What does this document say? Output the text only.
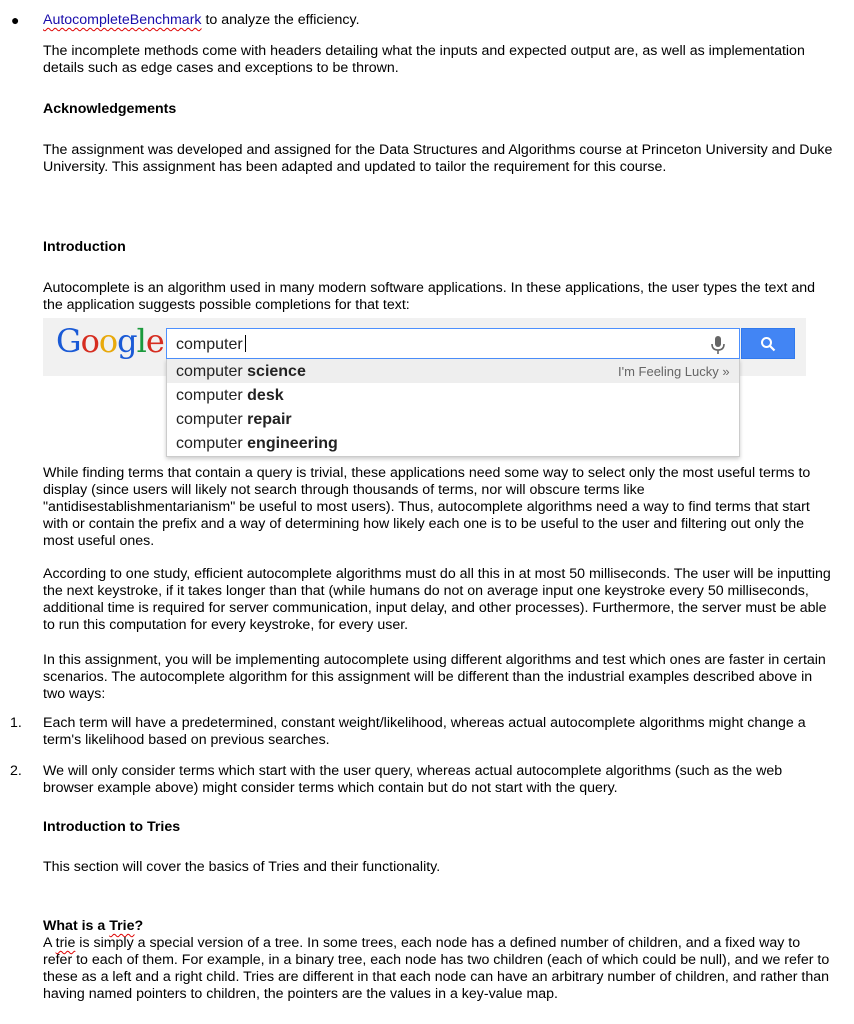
● AutocompleteBenchmark to analyze the efficiency.

The incomplete methods come with headers detailing what the inputs and expected output are, as well as implementation details such as edge cases and exceptions to be thrown.

Acknowledgements

The assignment was developed and assigned for the Data Structures and Algorithms course at Princeton University and Duke University. This assignment has been adapted and updated to tailor the requirement for this course.

Introduction

Autocomplete is an algorithm used in many modern software applications. In these applications, the user types the text and the application suggests possible completions for that text:

Google computer
computer science	I'm Feeling Lucky »
computer desk
computer repair
computer engineering

While finding terms that contain a query is trivial, these applications need some way to select only the most useful terms to display (since users will likely not search through thousands of terms, nor will obscure terms like "antidisestablishmentarianism" be useful to most users). Thus, autocomplete algorithms need a way to find terms that start with or contain the prefix and a way of determining how likely each one is to be useful to the user and filtering out only the most useful ones.

According to one study, efficient autocomplete algorithms must do all this in at most 50 milliseconds. The user will be inputting the next keystroke, if it takes longer than that (while humans do not on average input one keystroke every 50 milliseconds, additional time is required for server communication, input delay, and other processes). Furthermore, the server must be able to run this computation for every keystroke, for every user.

In this assignment, you will be implementing autocomplete using different algorithms and test which ones are faster in certain scenarios. The autocomplete algorithm for this assignment will be different than the industrial examples described above in two ways:

1. Each term will have a predetermined, constant weight/likelihood, whereas actual autocomplete algorithms might change a term's likelihood based on previous searches.

2. We will only consider terms which start with the user query, whereas actual autocomplete algorithms (such as the web browser example above) might consider terms which contain but do not start with the query.

Introduction to Tries

This section will cover the basics of Tries and their functionality.

What is a Trie?

A trie is simply a special version of a tree. In some trees, each node has a defined number of children, and a fixed way to refer to each of them. For example, in a binary tree, each node has two children (each of which could be null), and we refer to these as a left and a right child. Tries are different in that each node can have an arbitrary number of children, and rather than having named pointers to children, the pointers are the values in a key-value map.
